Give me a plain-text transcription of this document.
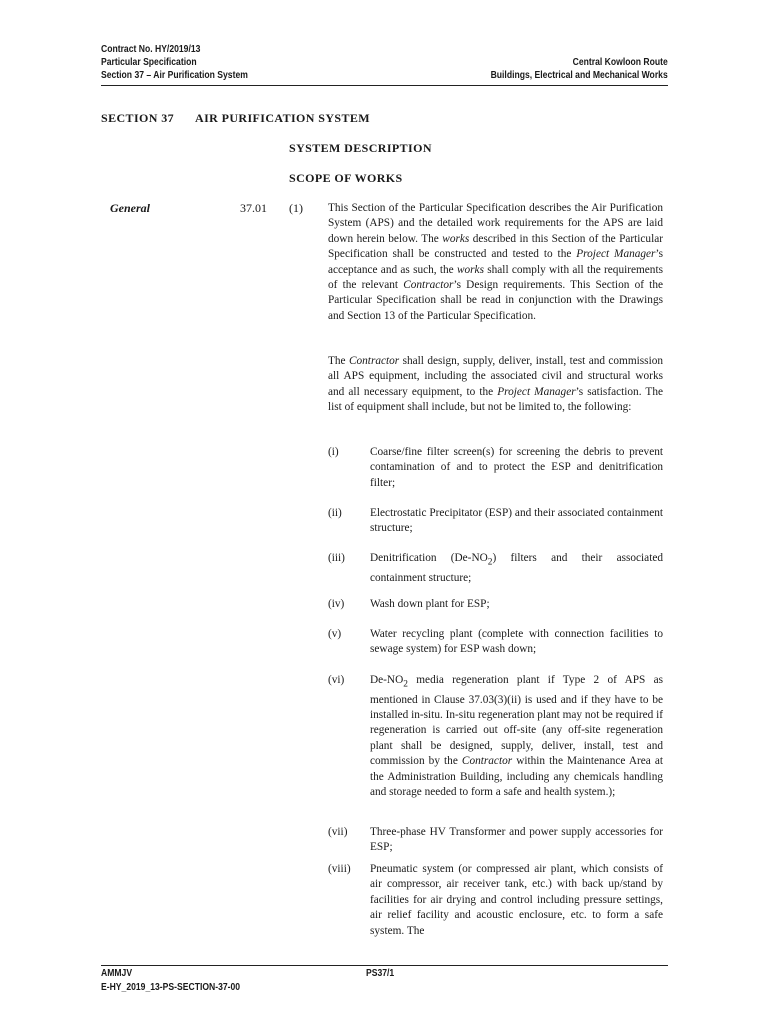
Contract No. HY/2019/13
Particular Specification
Section 37 – Air Purification System
Central Kowloon Route
Buildings, Electrical and Mechanical Works
SECTION 37 AIR PURIFICATION SYSTEM
SYSTEM DESCRIPTION
SCOPE OF WORKS
General	37.01 (1) This Section of the Particular Specification describes the Air Purification System (APS) and the detailed work requirements for the APS are laid down herein below. The works described in this Section of the Particular Specification shall be constructed and tested to the Project Manager’s acceptance and as such, the works shall comply with all the requirements of the relevant Contractor’s Design requirements. This Section of the Particular Specification shall be read in conjunction with the Drawings and Section 13 of the Particular Specification.
The Contractor shall design, supply, deliver, install, test and commission all APS equipment, including the associated civil and structural works and all necessary equipment, to the Project Manager’s satisfaction. The list of equipment shall include, but not be limited to, the following:
(i)	Coarse/fine filter screen(s) for screening the debris to prevent contamination of and to protect the ESP and denitrification filter;
(ii)	Electrostatic Precipitator (ESP) and their associated containment structure;
(iii)	Denitrification $(De-NO_2)$ filters and their associated containment structure;
(iv)	Wash down plant for ESP;
(v)	Water recycling plant (complete with connection facilities to sewage system) for ESP wash down;
(vi)	$De-NO_2$ media regeneration plant if Type 2 of APS as mentioned in Clause 37.03(3)(ii) is used and if they have to be installed in-situ. In-situ regeneration plant may not be required if regeneration is carried out off-site (any off-site regeneration plant shall be designed, supply, deliver, install, test and commission by the Contractor within the Maintenance Area at the Administration Building, including any chemicals handling and storage needed to form a safe and health system.);
(vii)	Three-phase HV Transformer and power supply accessories for ESP;
(viii)	Pneumatic system (or compressed air plant, which consists of air compressor, air receiver tank, etc.) with back up/stand by facilities for air drying and control including pressure settings, air relief facility and acoustic enclosure, etc. to form a safe system. The
AMMJV
E-HY_2019_13-PS-SECTION-37-00
PS37/1
